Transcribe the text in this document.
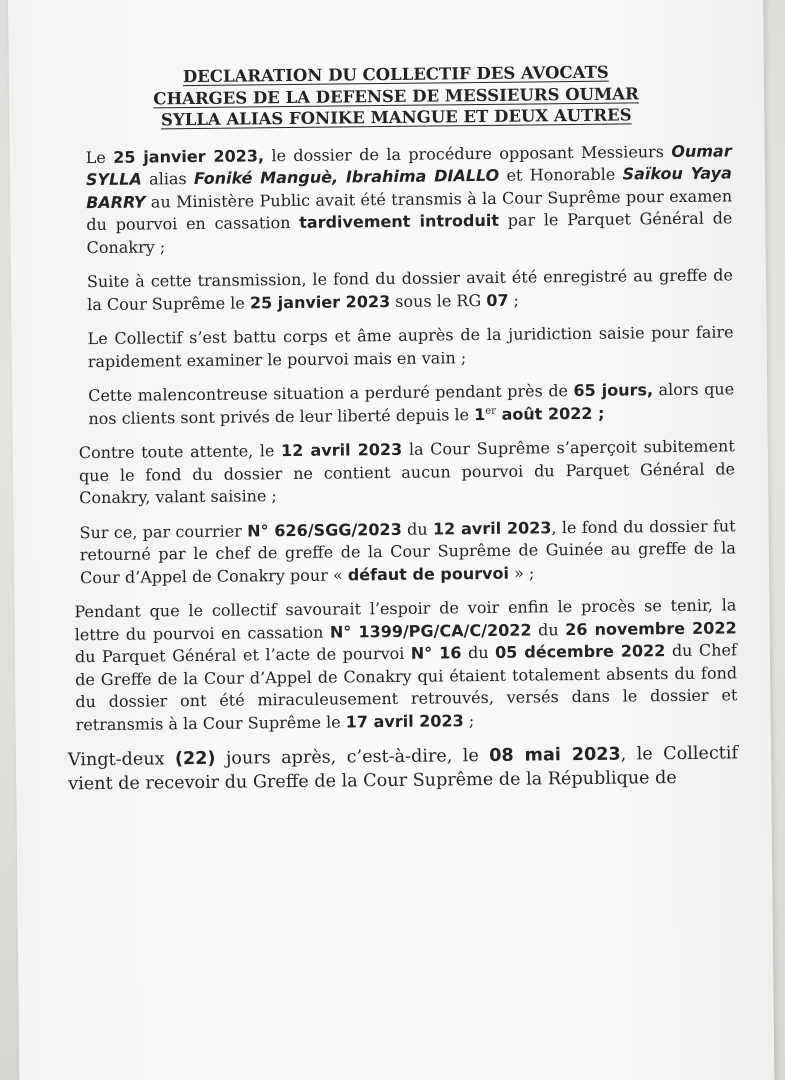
DECLARATION DU COLLECTIF DES AVOCATS
CHARGES DE LA DEFENSE DE MESSIEURS OUMAR
SYLLA ALIAS FONIKE MANGUE ET DEUX AUTRES

Le 25 janvier 2023, le dossier de la procédure opposant Messieurs Oumar SYLLA alias Foniké Manguè, Ibrahima DIALLO et Honorable Saïkou Yaya BARRY au Ministère Public avait été transmis à la Cour Suprême pour examen du pourvoi en cassation tardivement introduit par le Parquet Général de Conakry ;

Suite à cette transmission, le fond du dossier avait été enregistré au greffe de la Cour Suprême le 25 janvier 2023 sous le RG 07 ;

Le Collectif s’est battu corps et âme auprès de la juridiction saisie pour faire rapidement examiner le pourvoi mais en vain ;

Cette malencontreuse situation a perduré pendant près de 65 jours, alors que nos clients sont privés de leur liberté depuis le 1er août 2022 ;

Contre toute attente, le 12 avril 2023 la Cour Suprême s’aperçoit subitement que le fond du dossier ne contient aucun pourvoi du Parquet Général de Conakry, valant saisine ;

Sur ce, par courrier N° 626/SGG/2023 du 12 avril 2023, le fond du dossier fut retourné par le chef de greffe de la Cour Suprême de Guinée au greffe de la Cour d’Appel de Conakry pour « défaut de pourvoi » ;

Pendant que le collectif savourait l’espoir de voir enfin le procès se tenir, la lettre du pourvoi en cassation N° 1399/PG/CA/C/2022 du 26 novembre 2022 du Parquet Général et l’acte de pourvoi N° 16 du 05 décembre 2022 du Chef de Greffe de la Cour d’Appel de Conakry qui étaient totalement absents du fond du dossier ont été miraculeusement retrouvés, versés dans le dossier et retransmis à la Cour Suprême le 17 avril 2023 ;

Vingt-deux (22) jours après, c’est-à-dire, le 08 mai 2023, le Collectif vient de recevoir du Greffe de la Cour Suprême de la République de
